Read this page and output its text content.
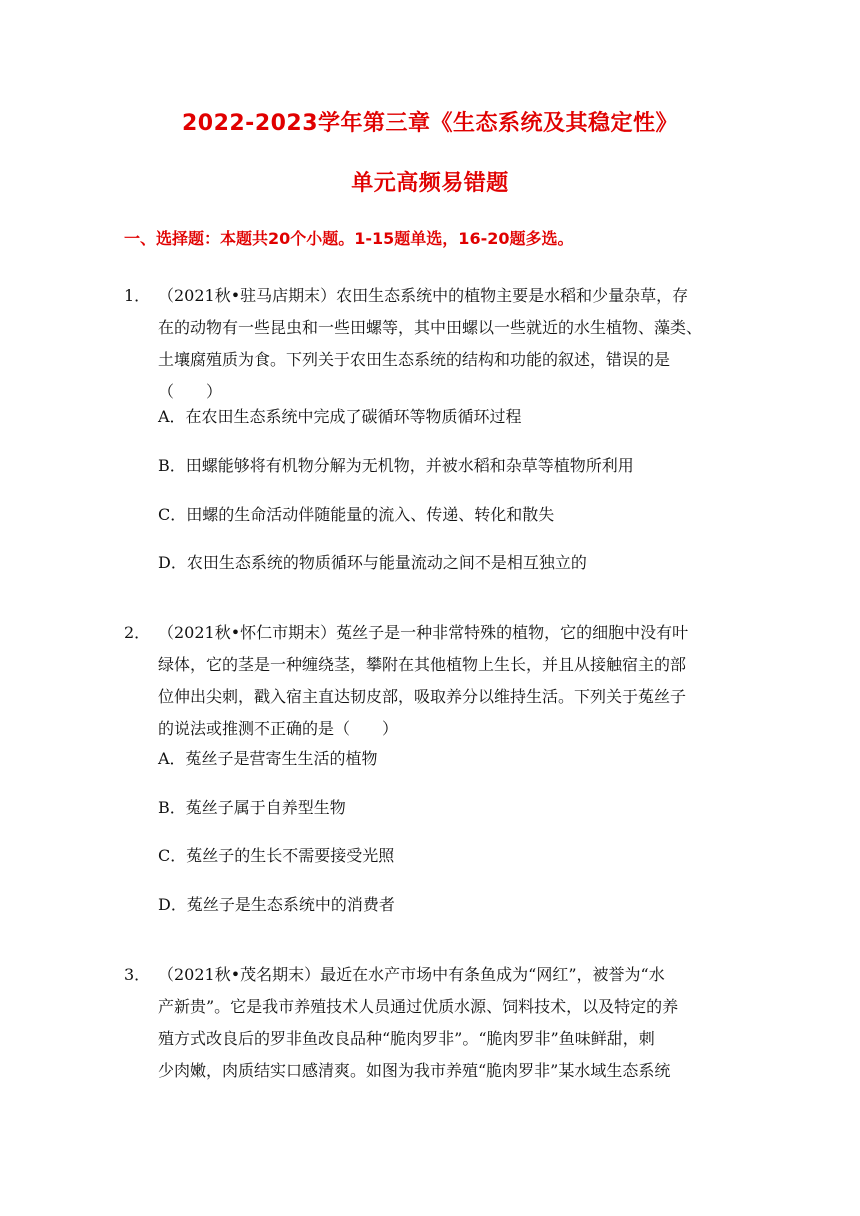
2022-2023学年第三章《生态系统及其稳定性》
单元高频易错题
一、选择题：本题共20个小题。1-15题单选，16-20题多选。
1． （2021秋•驻马店期末）农田生态系统中的植物主要是水稻和少量杂草，存
在的动物有一些昆虫和一些田螺等，其中田螺以一些就近的水生植物、藻类、
土壤腐殖质为食。下列关于农田生态系统的结构和功能的叙述，错误的是
（　　）
A．在农田生态系统中完成了碳循环等物质循环过程
B．田螺能够将有机物分解为无机物，并被水稻和杂草等植物所利用
C．田螺的生命活动伴随能量的流入、传递、转化和散失
D．农田生态系统的物质循环与能量流动之间不是相互独立的
2． （2021秋•怀仁市期末）菟丝子是一种非常特殊的植物，它的细胞中没有叶
绿体，它的茎是一种缠绕茎，攀附在其他植物上生长，并且从接触宿主的部
位伸出尖刺，戳入宿主直达韧皮部，吸取养分以维持生活。下列关于菟丝子
的说法或推测不正确的是（　　）
A．菟丝子是营寄生生活的植物
B．菟丝子属于自养型生物
C．菟丝子的生长不需要接受光照
D．菟丝子是生态系统中的消费者
3． （2021秋•茂名期末）最近在水产市场中有条鱼成为“网红”，被誉为“水
产新贵”。它是我市养殖技术人员通过优质水源、饲料技术，以及特定的养
殖方式改良后的罗非鱼改良品种“脆肉罗非”。“脆肉罗非”鱼味鲜甜，刺
少肉嫩，肉质结实口感清爽。如图为我市养殖“脆肉罗非”某水域生态系统
